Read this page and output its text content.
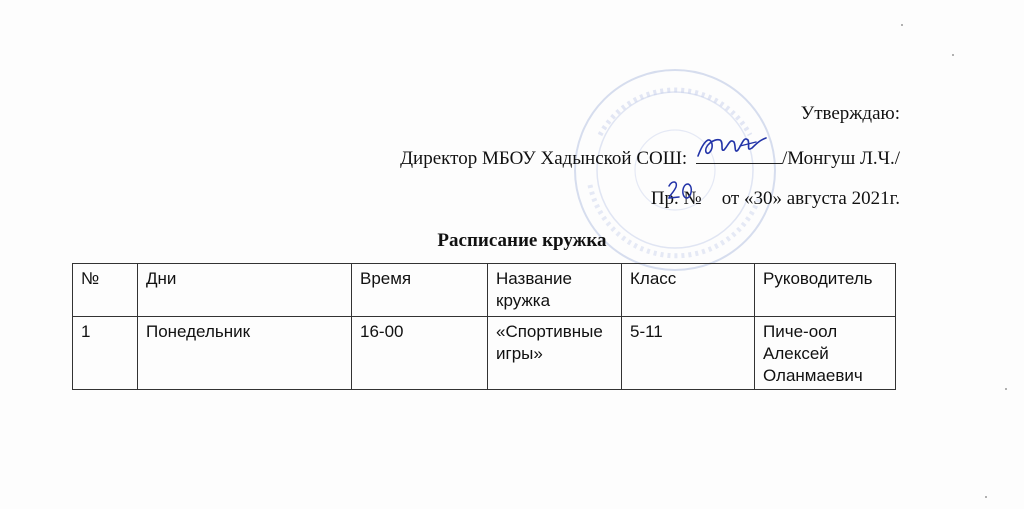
Утверждаю:
Директор МБОУ Хадынской СОШ:	/Монгуш Л.Ч./
Пр. № от «30» августа 2021г.
Расписание кружка
№	Дни	Время	Название кружка	Класс	Руководитель
1	Понедельник	16-00	«Спортивные игры»	5-11	Пиче-оол Алексей Оланмаевич
